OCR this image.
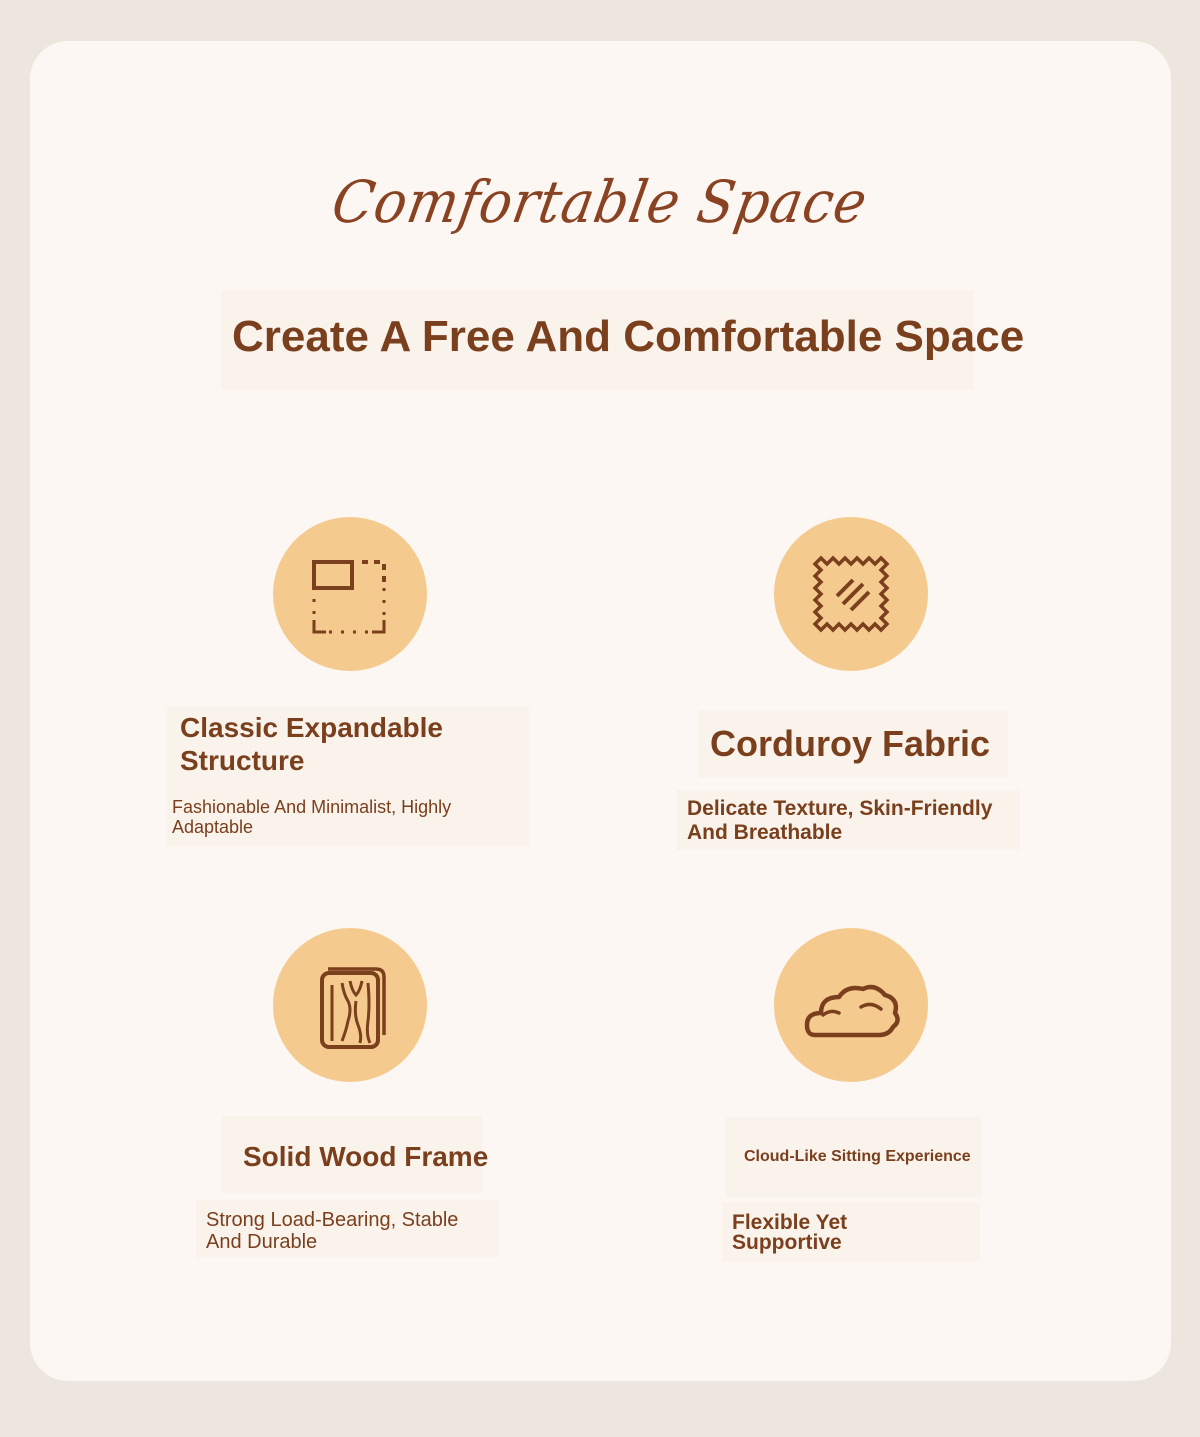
Comfortable Space
Create A Free And Comfortable Space
Classic Expandable
Structure
Fashionable And Minimalist, Highly
Adaptable
Corduroy Fabric
Delicate Texture, Skin-Friendly
And Breathable
Solid Wood Frame
Strong Load-Bearing, Stable
And Durable
Cloud-Like Sitting Experience
Flexible Yet
Supportive
